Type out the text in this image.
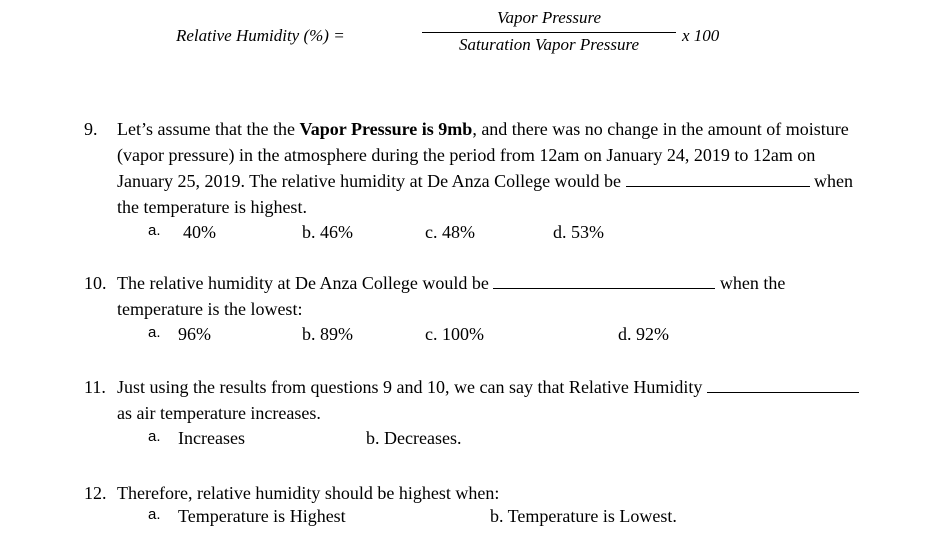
Relative Humidity (%) =
Vapor Pressure
Saturation Vapor Pressure	x 100
9. Let’s assume that the the Vapor Pressure is 9mb, and there was no change in the amount of moisture (vapor pressure) in the atmosphere during the period from 12am on January 24, 2019 to 12am on January 25, 2019. The relative humidity at De Anza College would be	when the temperature is highest.
a. 40%	b. 46%	c. 48%	d. 53%
10. The relative humidity at De Anza College would be	when the temperature is the lowest:
a. 96%	b. 89%	c. 100%	d. 92%
11. Just using the results from questions 9 and 10, we can say that Relative Humidity  as air temperature increases.
a. Increases	b. Decreases.
12. Therefore, relative humidity should be highest when:
a. Temperature is Highest	b. Temperature is Lowest.
